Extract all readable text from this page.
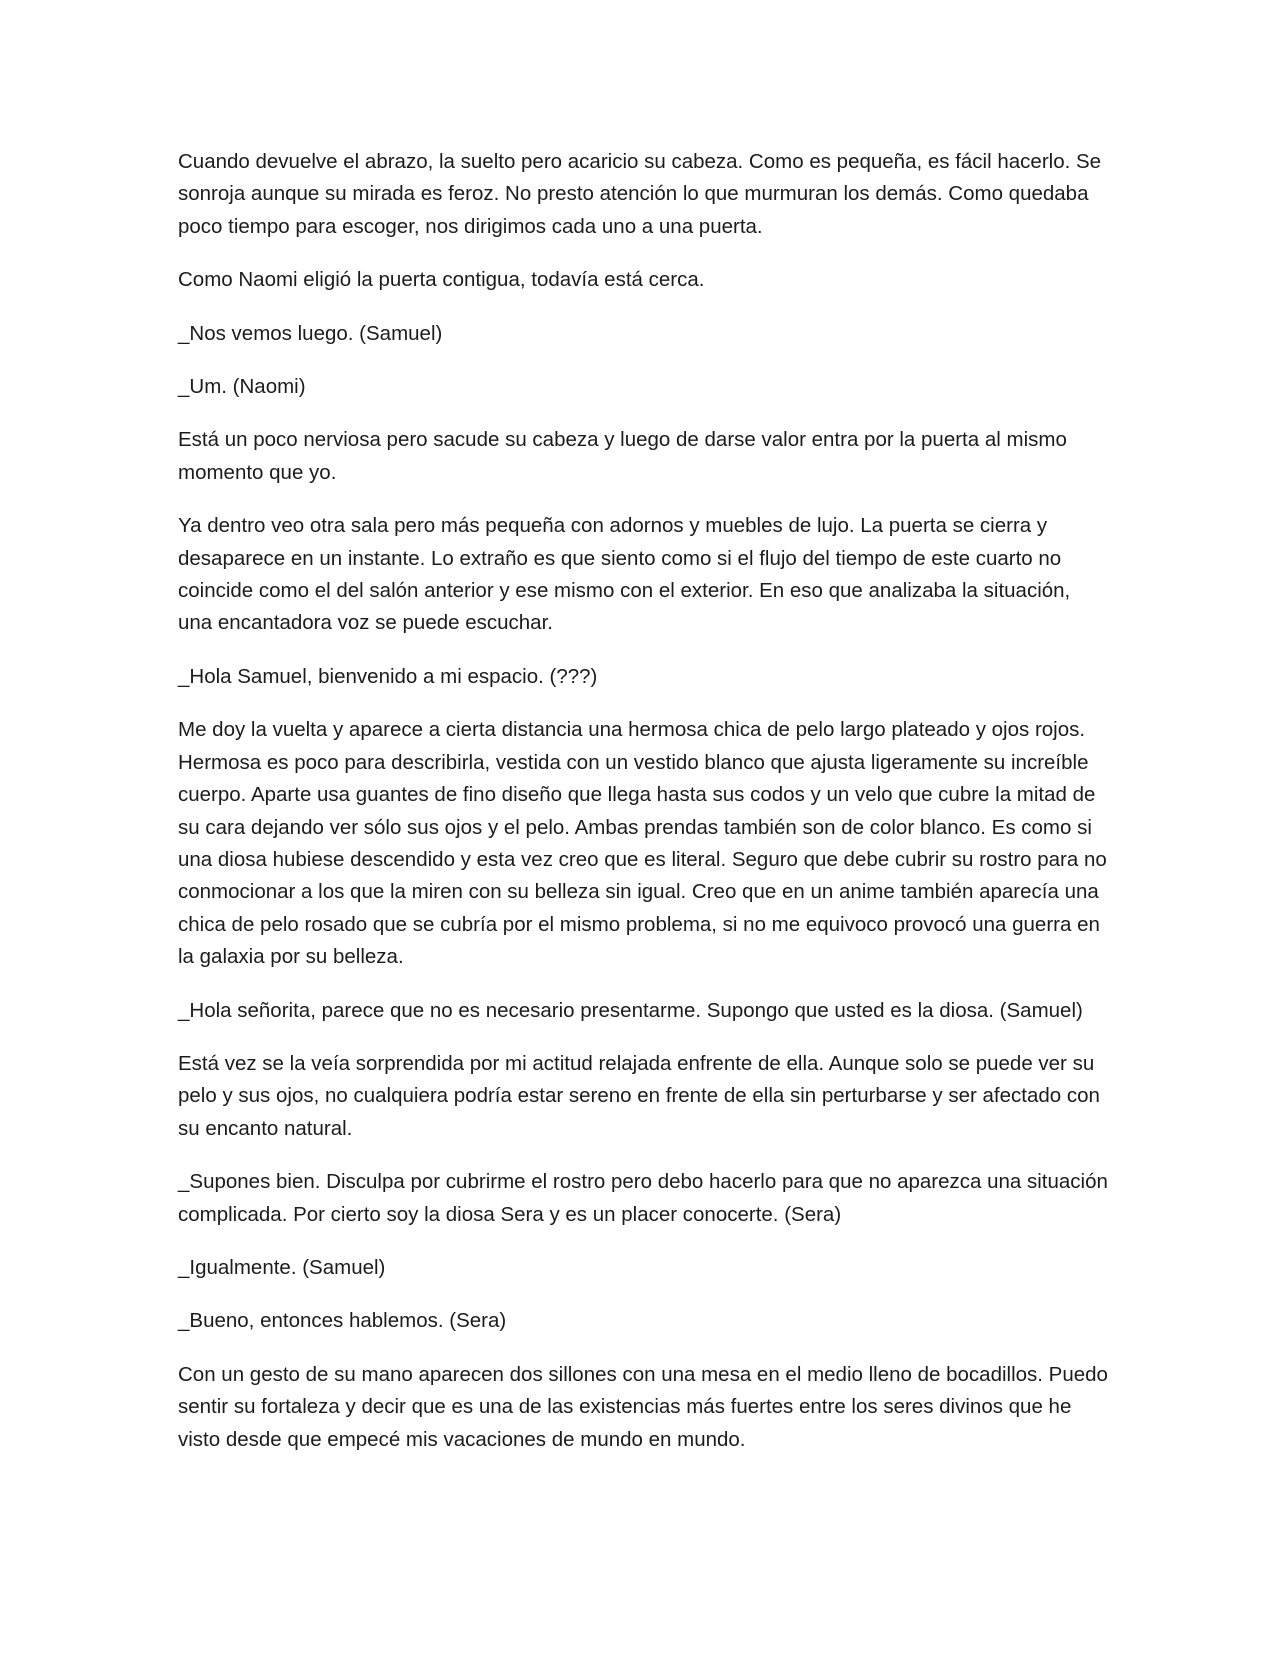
Cuando devuelve el abrazo, la suelto pero acaricio su cabeza. Como es pequeña, es fácil hacerlo. Se sonroja aunque su mirada es feroz. No presto atención lo que murmuran los demás. Como quedaba poco tiempo para escoger, nos dirigimos cada uno a una puerta.

Como Naomi eligió la puerta contigua, todavía está cerca.

_Nos vemos luego. (Samuel)

_Um. (Naomi)

Está un poco nerviosa pero sacude su cabeza y luego de darse valor entra por la puerta al mismo momento que yo.

Ya dentro veo otra sala pero más pequeña con adornos y muebles de lujo. La puerta se cierra y desaparece en un instante. Lo extraño es que siento como si el flujo del tiempo de este cuarto no coincide como el del salón anterior y ese mismo con el exterior. En eso que analizaba la situación, una encantadora voz se puede escuchar.

_Hola Samuel, bienvenido a mi espacio. (???)

Me doy la vuelta y aparece a cierta distancia una hermosa chica de pelo largo plateado y ojos rojos. Hermosa es poco para describirla, vestida con un vestido blanco que ajusta ligeramente su increíble cuerpo. Aparte usa guantes de fino diseño que llega hasta sus codos y un velo que cubre la mitad de su cara dejando ver sólo sus ojos y el pelo. Ambas prendas también son de color blanco. Es como si una diosa hubiese descendido y esta vez creo que es literal. Seguro que debe cubrir su rostro para no conmocionar a los que la miren con su belleza sin igual. Creo que en un anime también aparecía una chica de pelo rosado que se cubría por el mismo problema, si no me equivoco provocó una guerra en la galaxia por su belleza.

_Hola señorita, parece que no es necesario presentarme. Supongo que usted es la diosa. (Samuel)

Está vez se la veía sorprendida por mi actitud relajada enfrente de ella. Aunque solo se puede ver su pelo y sus ojos, no cualquiera podría estar sereno en frente de ella sin perturbarse y ser afectado con su encanto natural.

_Supones bien. Disculpa por cubrirme el rostro pero debo hacerlo para que no aparezca una situación complicada. Por cierto soy la diosa Sera y es un placer conocerte. (Sera)

_Igualmente. (Samuel)

_Bueno, entonces hablemos. (Sera)

Con un gesto de su mano aparecen dos sillones con una mesa en el medio lleno de bocadillos. Puedo sentir su fortaleza y decir que es una de las existencias más fuertes entre los seres divinos que he visto desde que empecé mis vacaciones de mundo en mundo.
